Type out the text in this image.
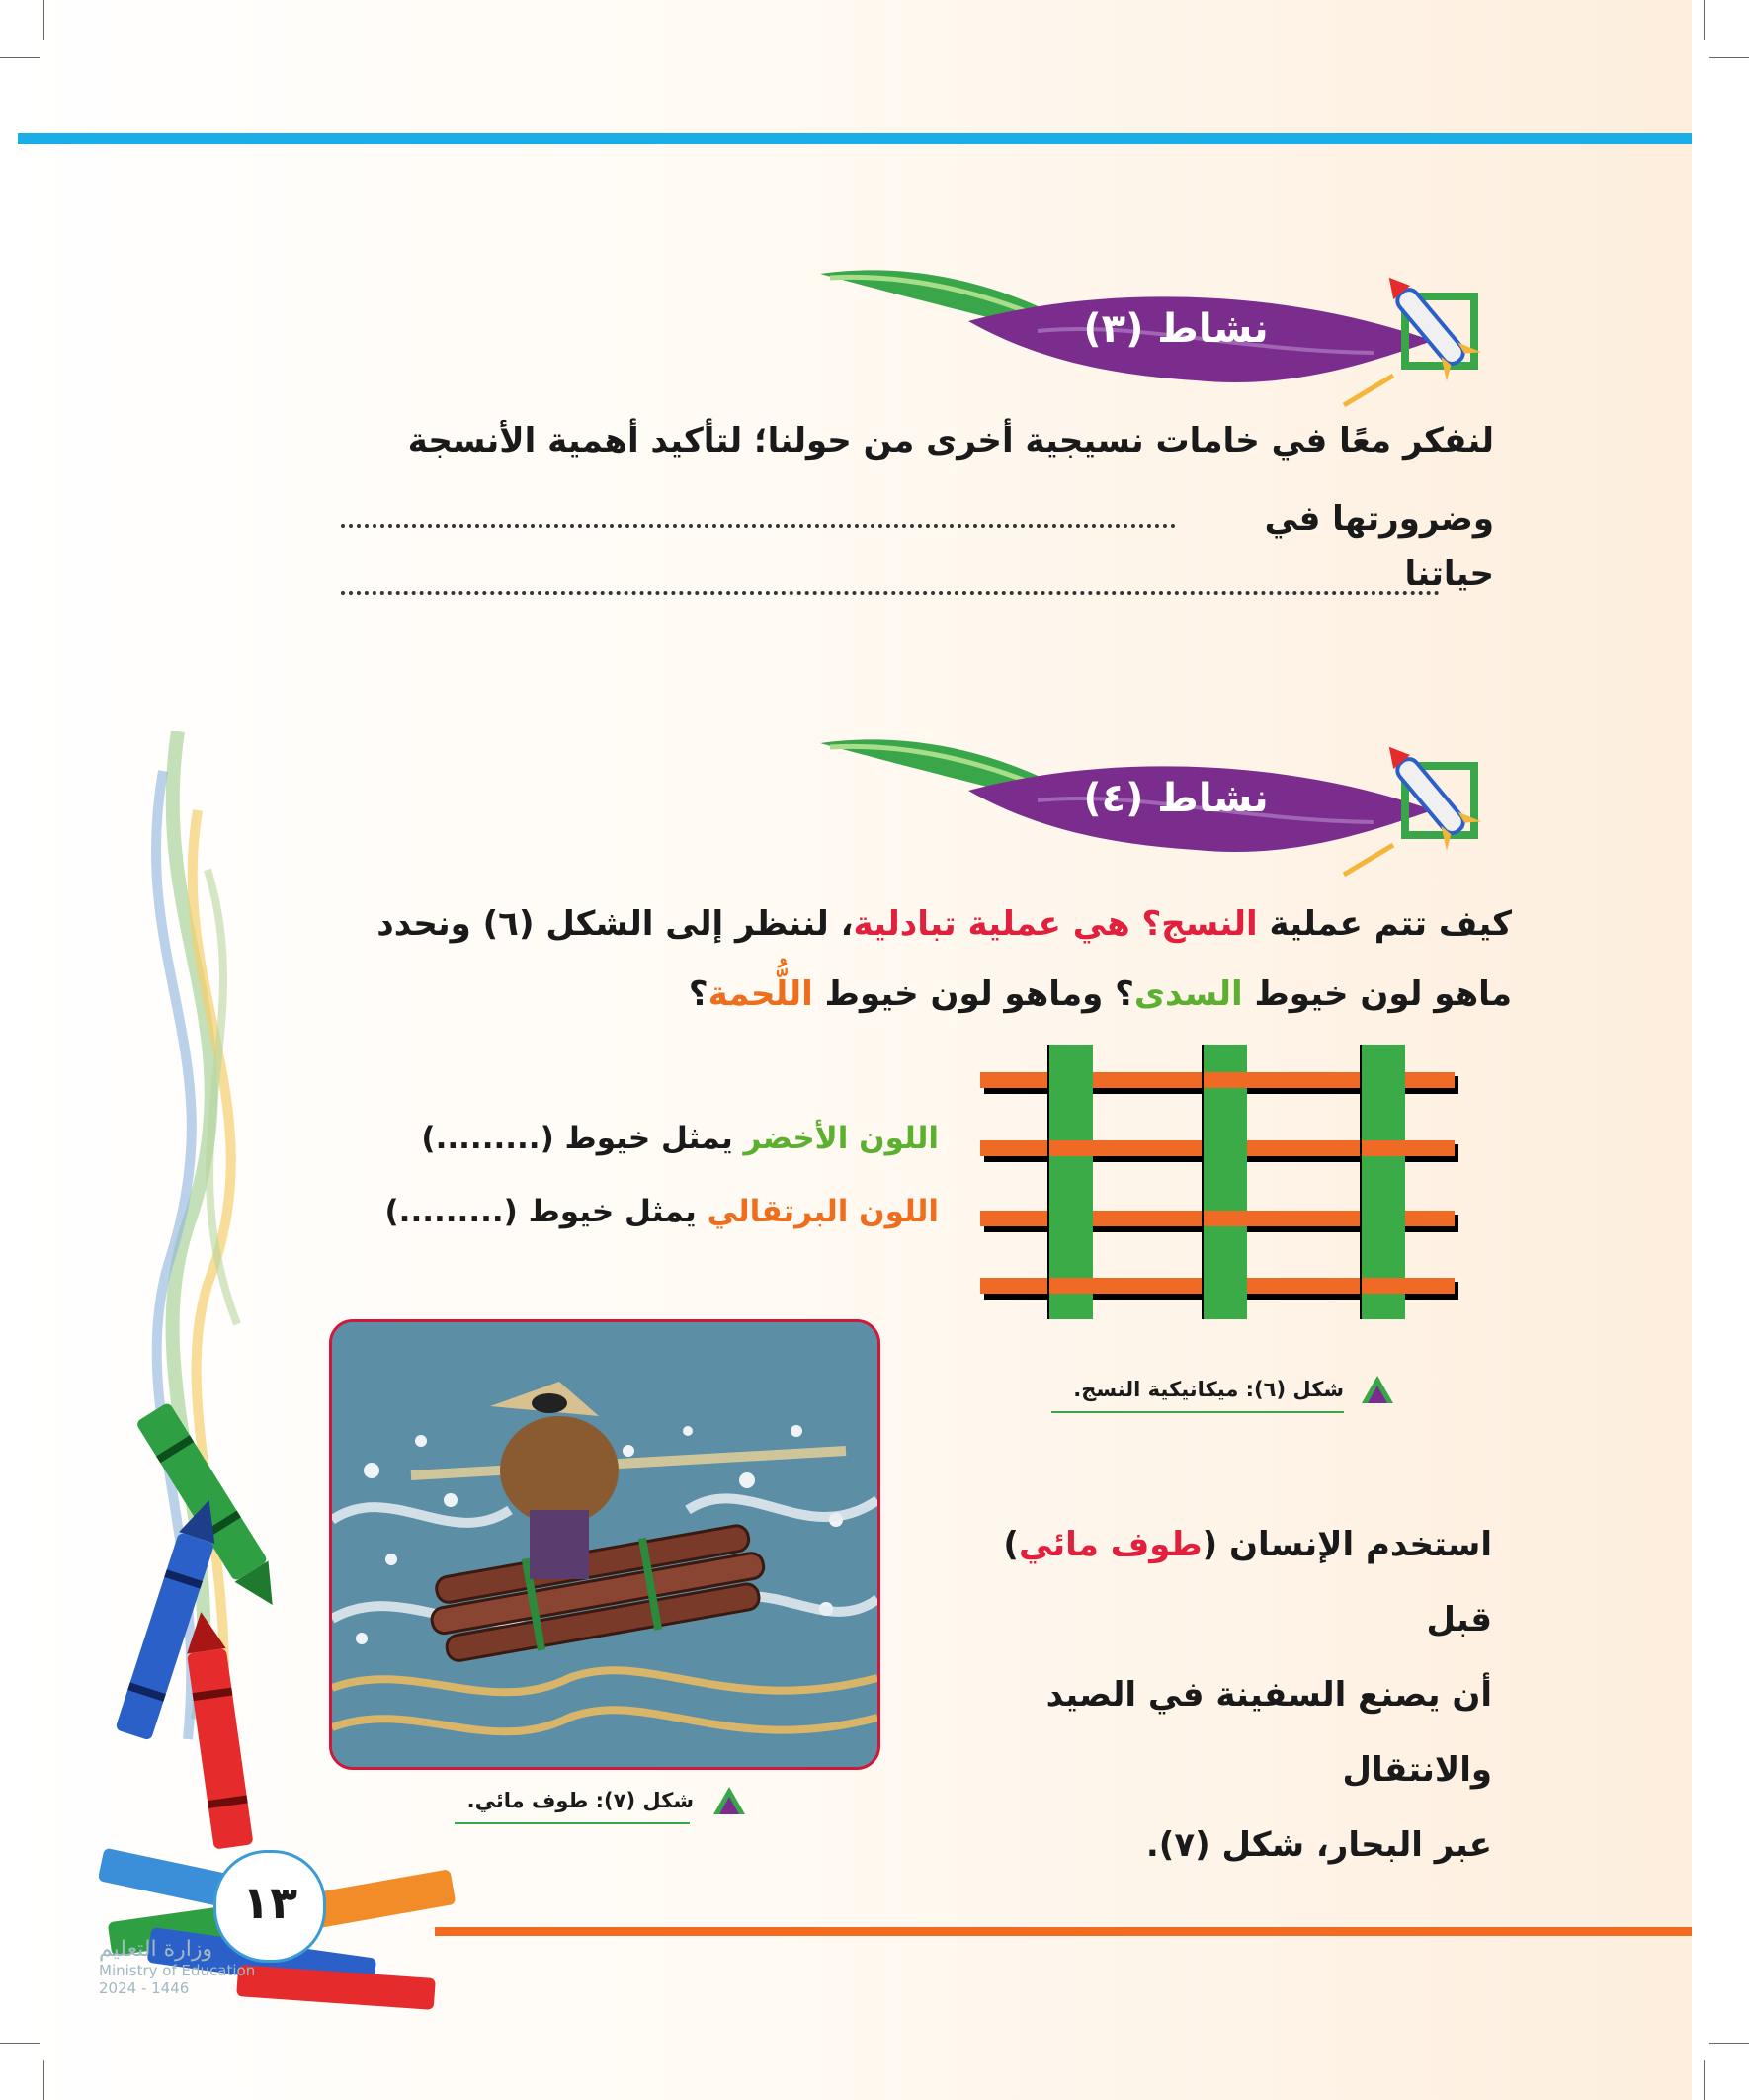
نشاط (٣)
لنفكر معًا في خامات نسيجية أخرى من حولنا؛ لتأكيد أهمية الأنسجة
وضرورتها في حياتنا
نشاط (٤)
كيف تتم عملية النسج؟ هي عملية تبادلية، لننظر إلى الشكل (٦) ونحدد
ماهو لون خيوط السدى؟ وماهو لون خيوط اللُّحمة؟
اللون الأخضر يمثل خيوط (.........)
اللون البرتقالي يمثل خيوط (.........)
شكل (٦): ميكانيكية النسج.
شكل (٧): طوف مائي.
استخدم الإنسان (طوف مائي) قبل
أن يصنع السفينة في الصيد والانتقال
عبر البحار، شكل (٧).
١٣
وزارة التعليم
Ministry of Education
2024 - 1446
